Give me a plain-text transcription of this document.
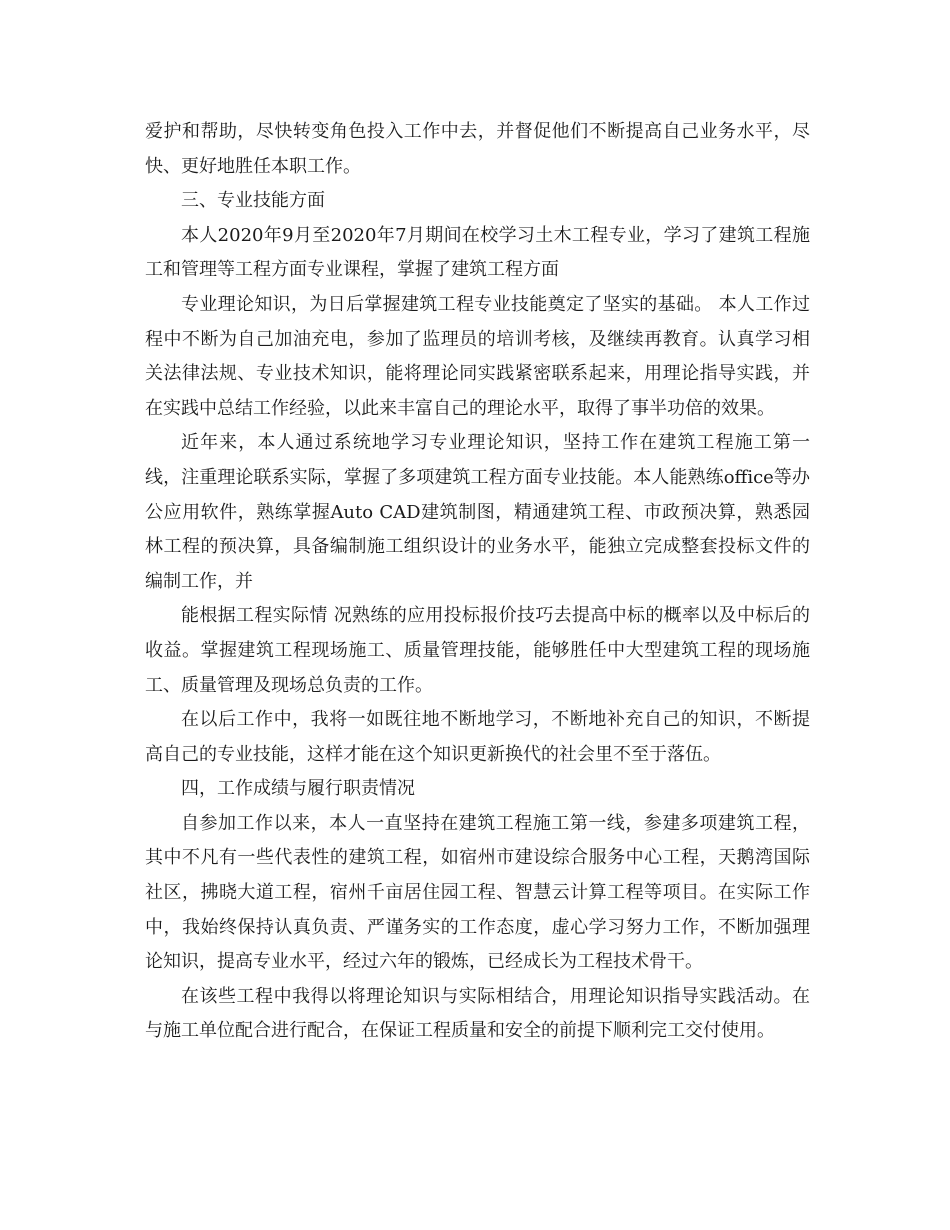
爱护和帮助，尽快转变角色投入工作中去，并督促他们不断提高自己业务水平，尽快、更好地胜任本职工作。

三、专业技能方面

本人2020年9月至2020年7月期间在校学习土木工程专业，学习了建筑工程施工和管理等工程方面专业课程，掌握了建筑工程方面

专业理论知识，为日后掌握建筑工程专业技能奠定了坚实的基础。 本人工作过程中不断为自己加油充电，参加了监理员的培训考核，及继续再教育。认真学习相关法律法规、专业技术知识，能将理论同实践紧密联系起来，用理论指导实践，并在实践中总结工作经验，以此来丰富自己的理论水平，取得了事半功倍的效果。

近年来，本人通过系统地学习专业理论知识，坚持工作在建筑工程施工第一线，注重理论联系实际，掌握了多项建筑工程方面专业技能。本人能熟练office等办公应用软件，熟练掌握Auto CAD建筑制图，精通建筑工程、市政预决算，熟悉园林工程的预决算，具备编制施工组织设计的业务水平，能独立完成整套投标文件的编制工作，并

能根据工程实际情 况熟练的应用投标报价技巧去提高中标的概率以及中标后的收益。掌握建筑工程现场施工、质量管理技能，能够胜任中大型建筑工程的现场施工、质量管理及现场总负责的工作。

在以后工作中，我将一如既往地不断地学习，不断地补充自己的知识，不断提高自己的专业技能，这样才能在这个知识更新换代的社会里不至于落伍。

四，工作成绩与履行职责情况

自参加工作以来，本人一直坚持在建筑工程施工第一线，参建多项建筑工程，其中不凡有一些代表性的建筑工程，如宿州市建设综合服务中心工程，天鹅湾国际社区，拂晓大道工程，宿州千亩居住园工程、智慧云计算工程等项目。在实际工作中，我始终保持认真负责、严谨务实的工作态度，虚心学习努力工作，不断加强理论知识，提高专业水平，经过六年的锻炼，已经成长为工程技术骨干。

在该些工程中我得以将理论知识与实际相结合，用理论知识指导实践活动。在与施工单位配合进行配合，在保证工程质量和安全的前提下顺利完工交付使用。
